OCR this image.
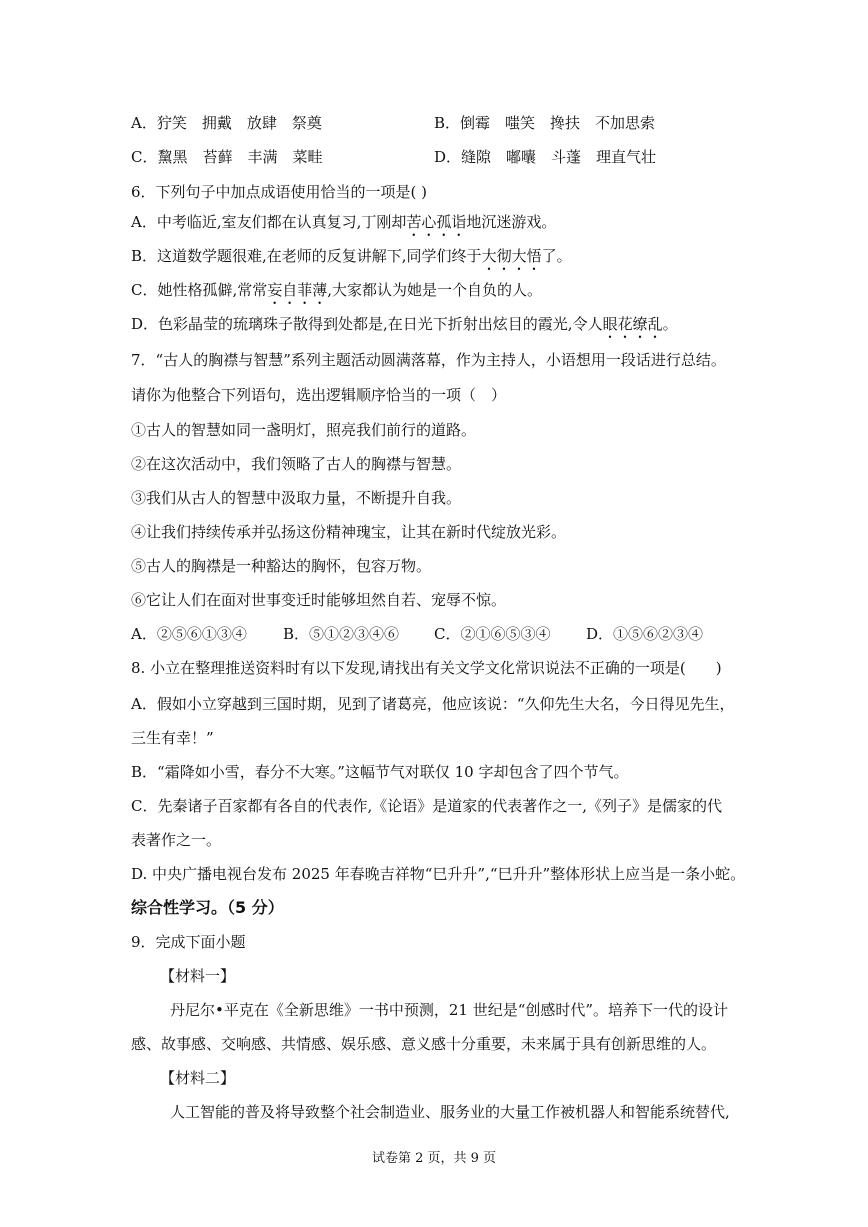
A．狞笑　拥戴　放肆　祭奠	B．倒霉　嗤笑　搀扶　不加思索
C．黧黑　苔藓　丰满　菜畦	D．缝隙　嘟囔　斗蓬　理直气壮
6．下列句子中加点成语使用恰当的一项是( )
A．中考临近,室友们都在认真复习,丁刚却苦心孤诣地沉迷游戏。
B．这道数学题很难,在老师的反复讲解下,同学们终于大彻大悟了。
C．她性格孤僻,常常妄自菲薄,大家都认为她是一个自负的人。
D．色彩晶莹的琉璃珠子散得到处都是,在日光下折射出炫目的霞光,令人眼花缭乱。
7．“古人的胸襟与智慧”系列主题活动圆满落幕，作为主持人，小语想用一段话进行总结。
请你为他整合下列语句，选出逻辑顺序恰当的一项（　）
①古人的智慧如同一盏明灯，照亮我们前行的道路。
②在这次活动中，我们领略了古人的胸襟与智慧。
③我们从古人的智慧中汲取力量，不断提升自我。
④让我们持续传承并弘扬这份精神瑰宝，让其在新时代绽放光彩。
⑤古人的胸襟是一种豁达的胸怀，包容万物。
⑥它让人们在面对世事变迁时能够坦然自若、宠辱不惊。
A．②⑤⑥①③④ B．⑤①②③④⑥ C．②①⑥⑤③④ D．①⑤⑥②③④
8. 小立在整理推送资料时有以下发现,请找出有关文学文化常识说法不正确的一项是(　　)
A．假如小立穿越到三国时期，见到了诸葛亮，他应该说：“久仰先生大名，今日得见先生，
三生有幸！”
B．“霜降如小雪，春分不大寒。”这幅节气对联仅 10 字却包含了四个节气。
C．先秦诸子百家都有各自的代表作,《论语》是道家的代表著作之一,《列子》是儒家的代
表著作之一。
D. 中央广播电视台发布 2025 年春晚吉祥物“巳升升”,“巳升升”整体形状上应当是一条小蛇。
综合性学习。（5 分）
9．完成下面小题
【材料一】
丹尼尔•平克在《全新思维》一书中预测，21 世纪是“创感时代”。培养下一代的设计
感、故事感、交响感、共情感、娱乐感、意义感十分重要，未来属于具有创新思维的人。
【材料二】
人工智能的普及将导致整个社会制造业、服务业的大量工作被机器人和智能系统替代,
试卷第 2 页，共 9 页
